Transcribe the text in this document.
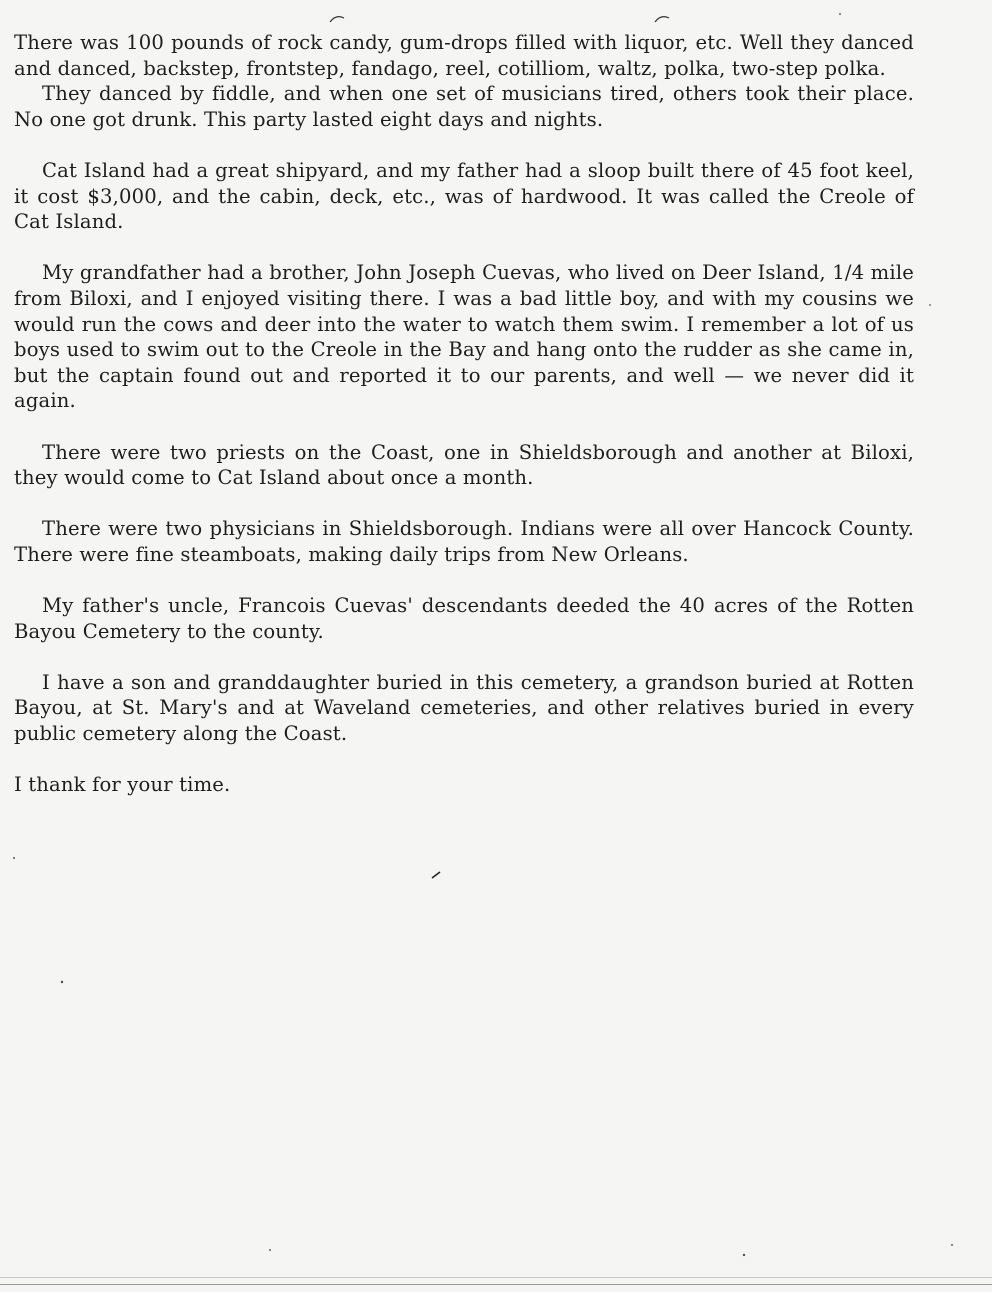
There was 100 pounds of rock candy, gum-drops filled with liquor, etc. Well they danced and danced, backstep, frontstep, fandago, reel, cotilliom, waltz, polka, two-step polka.

They danced by fiddle, and when one set of musicians tired, others took their place. No one got drunk. This party lasted eight days and nights.

Cat Island had a great shipyard, and my father had a sloop built there of 45 foot keel, it cost $3,000, and the cabin, deck, etc., was of hardwood. It was called the Creole of Cat Island.

My grandfather had a brother, John Joseph Cuevas, who lived on Deer Island, 1/4 mile from Biloxi, and I enjoyed visiting there. I was a bad little boy, and with my cousins we would run the cows and deer into the water to watch them swim. I remember a lot of us boys used to swim out to the Creole in the Bay and hang onto the rudder as she came in, but the captain found out and reported it to our parents, and well — we never did it again.

There were two priests on the Coast, one in Shieldsborough and another at Biloxi, they would come to Cat Island about once a month.

There were two physicians in Shieldsborough. Indians were all over Hancock County. There were fine steamboats, making daily trips from New Orleans.

My father's uncle, Francois Cuevas' descendants deeded the 40 acres of the Rotten Bayou Cemetery to the county.

I have a son and granddaughter buried in this cemetery, a grandson buried at Rotten Bayou, at St. Mary's and at Waveland cemeteries, and other relatives buried in every public cemetery along the Coast.

I thank for your time.
